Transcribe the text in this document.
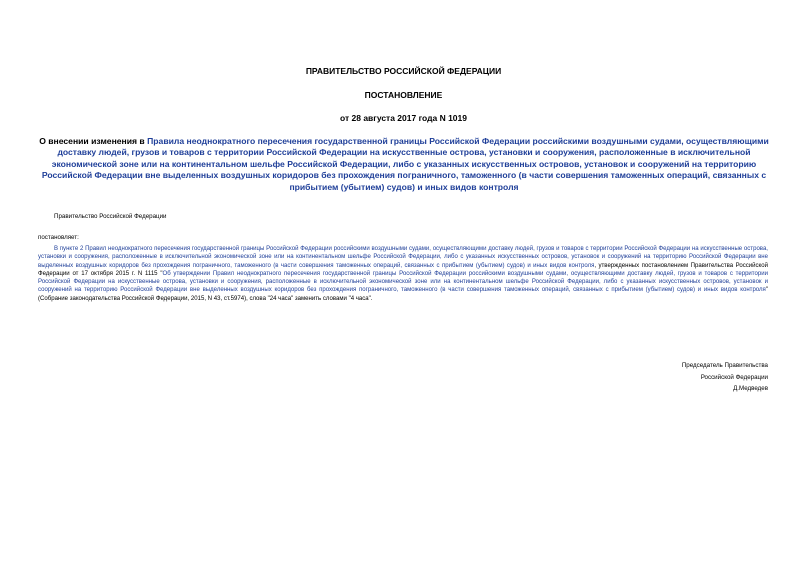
ПРАВИТЕЛЬСТВО РОССИЙСКОЙ ФЕДЕРАЦИИ
ПОСТАНОВЛЕНИЕ
от 28 августа 2017 года N 1019
О внесении изменения в Правила неоднократного пересечения государственной границы Российской Федерации российскими воздушными судами, осуществляющими доставку людей, грузов и товаров с территории Российской Федерации на искусственные острова, установки и сооружения, расположенные в исключительной экономической зоне или на континентальном шельфе Российской Федерации, либо с указанных искусственных островов, установок и сооружений на территорию Российской Федерации вне выделенных воздушных коридоров без прохождения пограничного, таможенного (в части совершения таможенных операций, связанных с прибытием (убытием) судов) и иных видов контроля
Правительство Российской Федерации
постановляет:
В пункте 2 Правил неоднократного пересечения государственной границы Российской Федерации российскими воздушными судами, осуществляющими доставку людей, грузов и товаров с территории Российской Федерации на искусственные острова, установки и сооружения, расположенные в исключительной экономической зоне или на континентальном шельфе Российской Федерации, либо с указанных искусственных островов, установок и сооружений на территорию Российской Федерации вне выделенных воздушных коридоров без прохождения пограничного, таможенного (в части совершения таможенных операций, связанных с прибытием (убытием) судов) и иных видов контроля, утвержденных постановлением Правительства Российской Федерации от 17 октября 2015 г. N 1115 "Об утверждении Правил неоднократного пересечения государственной границы Российской Федерации российскими воздушными судами, осуществляющими доставку людей, грузов и товаров с территории Российской Федерации на искусственные острова, установки и сооружения, расположенные в исключительной экономической зоне или на континентальном шельфе Российской Федерации, либо с указанных искусственных островов, установок и сооружений на территорию Российской Федерации вне выделенных воздушных коридоров без прохождения пограничного, таможенного (в части совершения таможенных операций, связанных с прибытием (убытием) судов) и иных видов контроля" (Собрание законодательства Российской Федерации, 2015, N 43, ст.5974), слова "24 часа" заменить словами "4 часа".
Председатель Правительства
Российской Федерации
Д.Медведев
